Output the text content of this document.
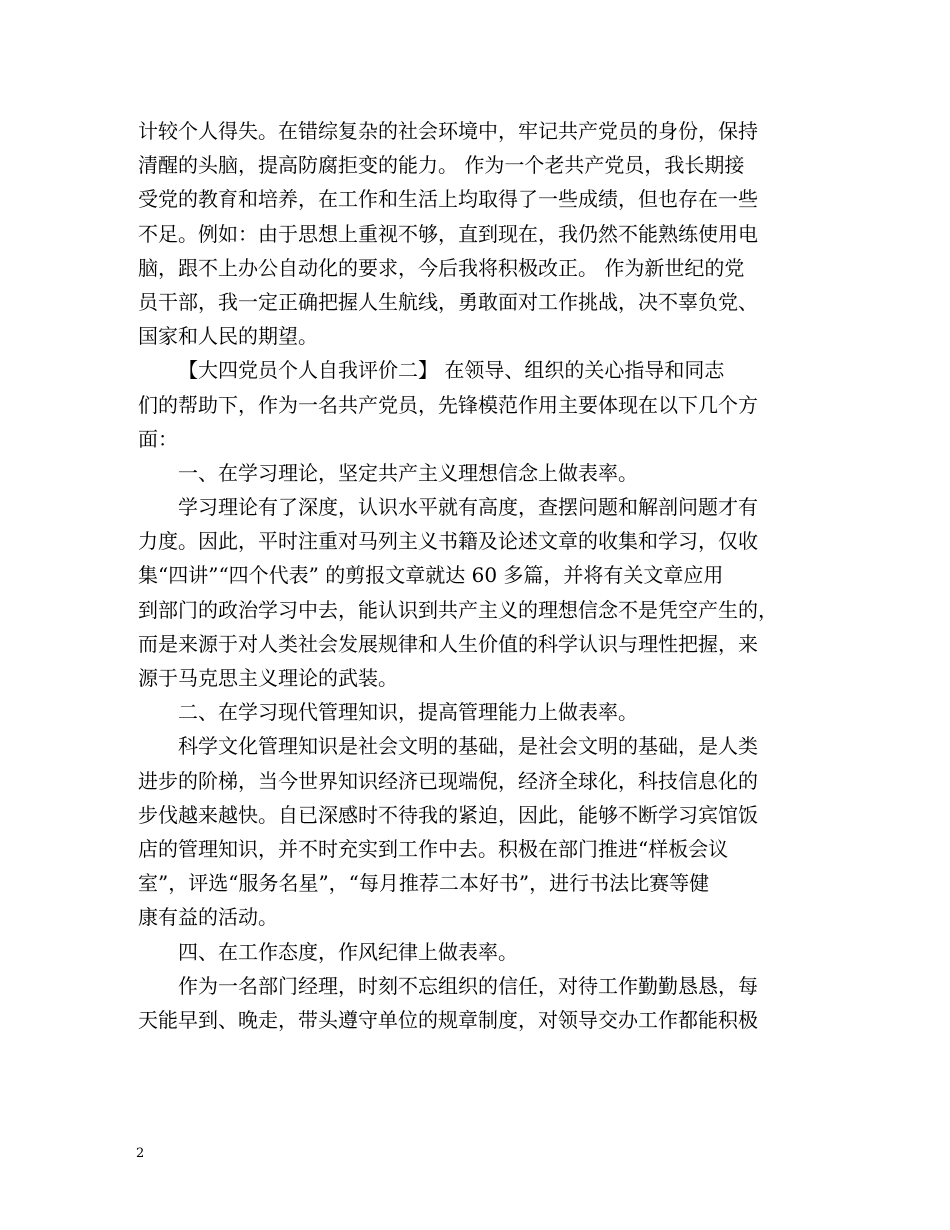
计较个人得失。在错综复杂的社会环境中，牢记共产党员的身份，保持
清醒的头脑，提高防腐拒变的能力。 作为一个老共产党员，我长期接
受党的教育和培养，在工作和生活上均取得了一些成绩，但也存在一些
不足。例如：由于思想上重视不够，直到现在，我仍然不能熟练使用电
脑，跟不上办公自动化的要求，今后我将积极改正。 作为新世纪的党
员干部，我一定正确把握人生航线，勇敢面对工作挑战，决不辜负党、
国家和人民的期望。
【大四党员个人自我评价二】 在领导、组织的关心指导和同志
们的帮助下，作为一名共产党员，先锋模范作用主要体现在以下几个方
面：
一、在学习理论，坚定共产主义理想信念上做表率。
学习理论有了深度，认识水平就有高度，查摆问题和解剖问题才有
力度。因此，平时注重对马列主义书籍及论述文章的收集和学习，仅收
集“四讲”“四个代表” 的剪报文章就达 60 多篇，并将有关文章应用
到部门的政治学习中去，能认识到共产主义的理想信念不是凭空产生的，
而是来源于对人类社会发展规律和人生价值的科学认识与理性把握，来
源于马克思主义理论的武装。
二、在学习现代管理知识，提高管理能力上做表率。
科学文化管理知识是社会文明的基础，是社会文明的基础，是人类
进步的阶梯，当今世界知识经济已现端倪，经济全球化，科技信息化的
步伐越来越快。自已深感时不待我的紧迫，因此，能够不断学习宾馆饭
店的管理知识，并不时充实到工作中去。积极在部门推进“样板会议
室”，评选“服务名星”，“每月推荐二本好书”，进行书法比赛等健
康有益的活动。
四、在工作态度，作风纪律上做表率。
作为一名部门经理，时刻不忘组织的信任，对待工作勤勤恳恳，每
天能早到、晚走，带头遵守单位的规章制度，对领导交办工作都能积极
2
